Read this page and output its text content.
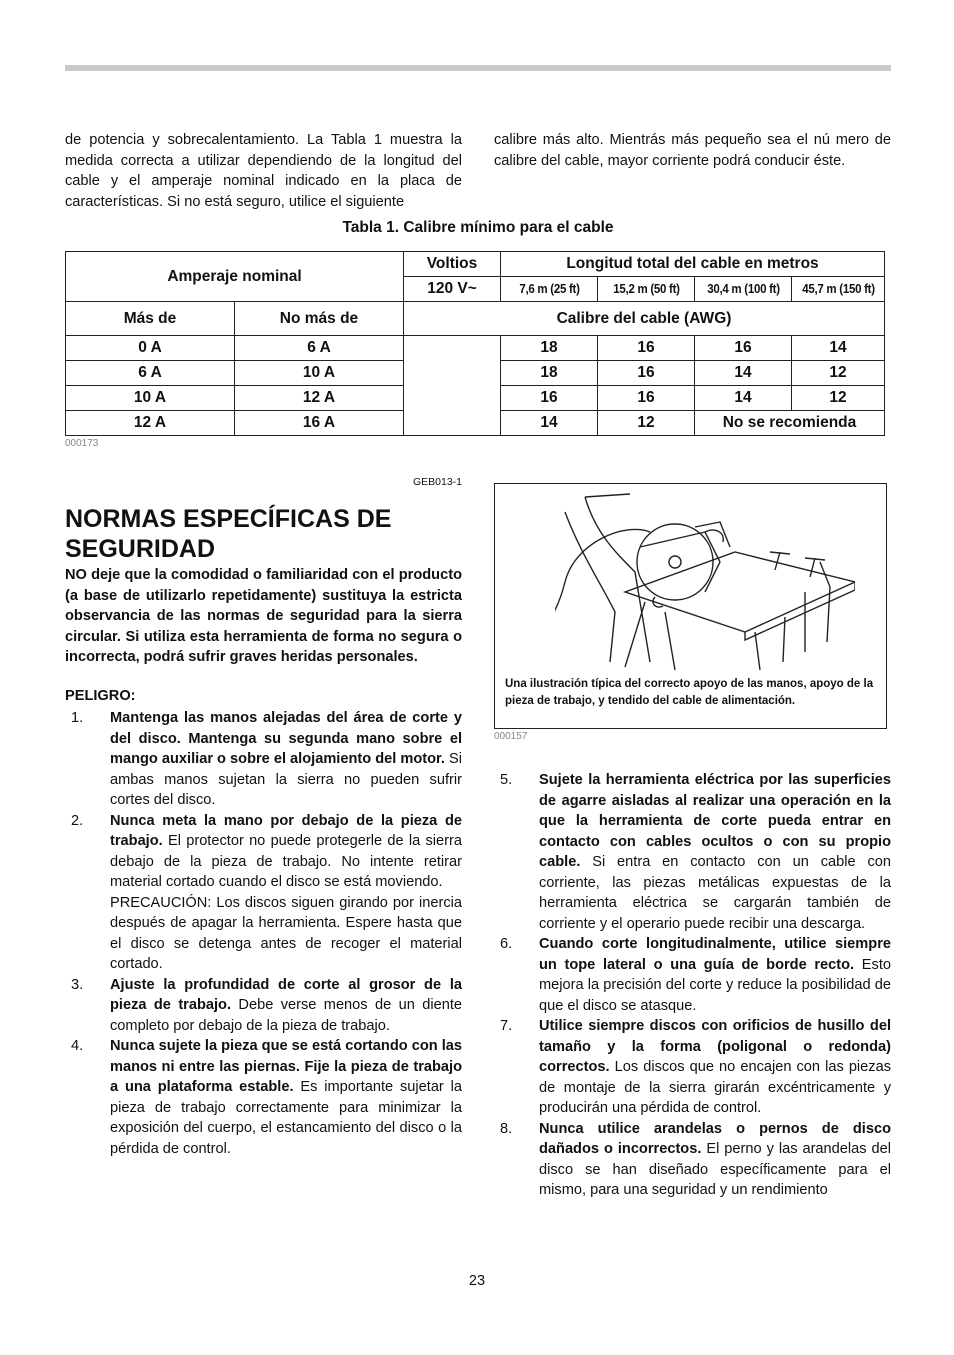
de potencia y sobrecalentamiento. La Tabla 1 muestra la medida correcta a utilizar dependiendo de la longitud del cable y el amperaje nominal indicado en la placa de características. Si no está seguro, utilice el siguiente
calibre más alto. Mientrás más pequeño sea el nú mero de calibre del cable, mayor corriente podrá conducir éste.
Tabla 1. Calibre mínimo para el cable
Amperaje nominal		Voltios	Longitud total del cable en metros			
		120 V~	7,6 m (25 ft)	15,2 m (50 ft)	30,4 m (100 ft)	45,7 m (150 ft)
Más de	No más de	Calibre del cable (AWG)				
0 A	6 A		18	16	16	14
6 A	10 A		18	16	14	12
10 A	12 A		16	16	14	12
12 A	16 A		14	12	No se recomienda	
000173
GEB013-1
NORMAS ESPECÍFICAS DE SEGURIDAD
NO deje que la comodidad o familiaridad con el producto (a base de utilizarlo repetidamente) sustituya la estricta observancia de las normas de seguridad para la sierra circular. Si utiliza esta herramienta de forma no segura o incorrecta, podrá sufrir graves heridas personales.
PELIGRO:
1. Mantenga las manos alejadas del área de corte y del disco. Mantenga su segunda mano sobre el mango auxiliar o sobre el alojamiento del motor. Si ambas manos sujetan la sierra no pueden sufrir cortes del disco.
2. Nunca meta la mano por debajo de la pieza de trabajo. El protector no puede protegerle de la sierra debajo de la pieza de trabajo. No intente retirar material cortado cuando el disco se está moviendo.
PRECAUCIÓN: Los discos siguen girando por inercia después de apagar la herramienta. Espere hasta que el disco se detenga antes de recoger el material cortado.
3. Ajuste la profundidad de corte al grosor de la pieza de trabajo. Debe verse menos de un diente completo por debajo de la pieza de trabajo.
4. Nunca sujete la pieza que se está cortando con las manos ni entre las piernas. Fije la pieza de trabajo a una plataforma estable. Es importante sujetar la pieza de trabajo correctamente para minimizar la exposición del cuerpo, el estancamiento del disco o la pérdida de control.
Una ilustración típica del correcto apoyo de las manos, apoyo de la pieza de trabajo, y tendido del cable de alimentación.
000157
5. Sujete la herramienta eléctrica por las superficies de agarre aisladas al realizar una operación en la que la herramienta de corte pueda entrar en contacto con cables ocultos o con su propio cable. Si entra en contacto con un cable con corriente, las piezas metálicas expuestas de la herramienta eléctrica se cargarán también de corriente y el operario puede recibir una descarga.
6. Cuando corte longitudinalmente, utilice siempre un tope lateral o una guía de borde recto. Esto mejora la precisión del corte y reduce la posibilidad de que el disco se atasque.
7. Utilice siempre discos con orificios de husillo del tamaño y la forma (poligonal o redonda) correctos. Los discos que no encajen con las piezas de montaje de la sierra girarán excéntricamente y producirán una pérdida de control.
8. Nunca utilice arandelas o pernos de disco dañados o incorrectos. El perno y las arandelas del disco se han diseñado específicamente para el mismo, para una seguridad y un rendimiento
23
